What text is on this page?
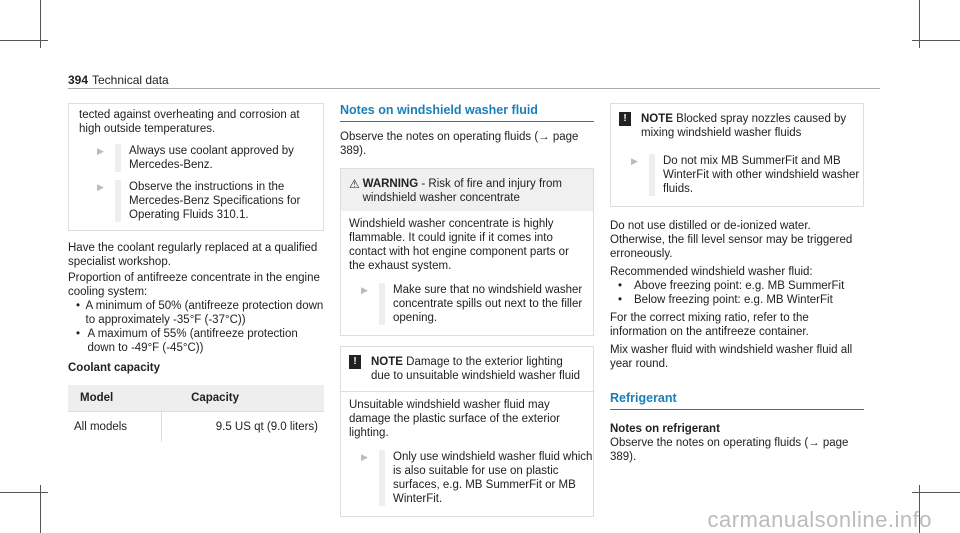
394 Technical data

tected against overheating and corrosion at high outside temperatures.

▶	Always use coolant approved by Mercedes-Benz.
▶	Observe the instructions in the Mercedes-Benz Specifications for Operating Fluids 310.1.

Have the coolant regularly replaced at a qualified specialist workshop.

Proportion of antifreeze concentrate in the engine cooling system:

• A minimum of 50% (antifreeze protection down to approximately -35°F (-37°C))
• A maximum of 55% (antifreeze protection down to -49°F (-45°C))

Coolant capacity

Model	Capacity
All models	9.5 US qt (9.0 liters)
Notes on windshield washer fluid

Observe the notes on operating fluids (→ page 389).

⚠ WARNING - Risk of fire and injury from windshield washer concentrate

Windshield washer concentrate is highly flammable. It could ignite if it comes into contact with hot engine component parts or the exhaust system.

▶	Make sure that no windshield washer concentrate spills out next to the filler opening.
!	NOTE Damage to the exterior lighting due to unsuitable windshield washer fluid

Unsuitable windshield washer fluid may damage the plastic surface of the exterior lighting.

▶	Only use windshield washer fluid which is also suitable for use on plastic surfaces, e.g. MB SummerFit or MB WinterFit.
!	NOTE Blocked spray nozzles caused by mixing windshield washer fluids
▶	Do not mix MB SummerFit and MB WinterFit with other windshield washer fluids.

Do not use distilled or de-ionized water. Otherwise, the fill level sensor may be triggered erroneously.

Recommended windshield washer fluid:

•	Above freezing point: e.g. MB SummerFit
•	Below freezing point: e.g. MB WinterFit

For the correct mixing ratio, refer to the information on the antifreeze container.

Mix washer fluid with windshield washer fluid all year round.

Refrigerant

Notes on refrigerant

Observe the notes on operating fluids (→ page 389).

carmanualsonline.info
